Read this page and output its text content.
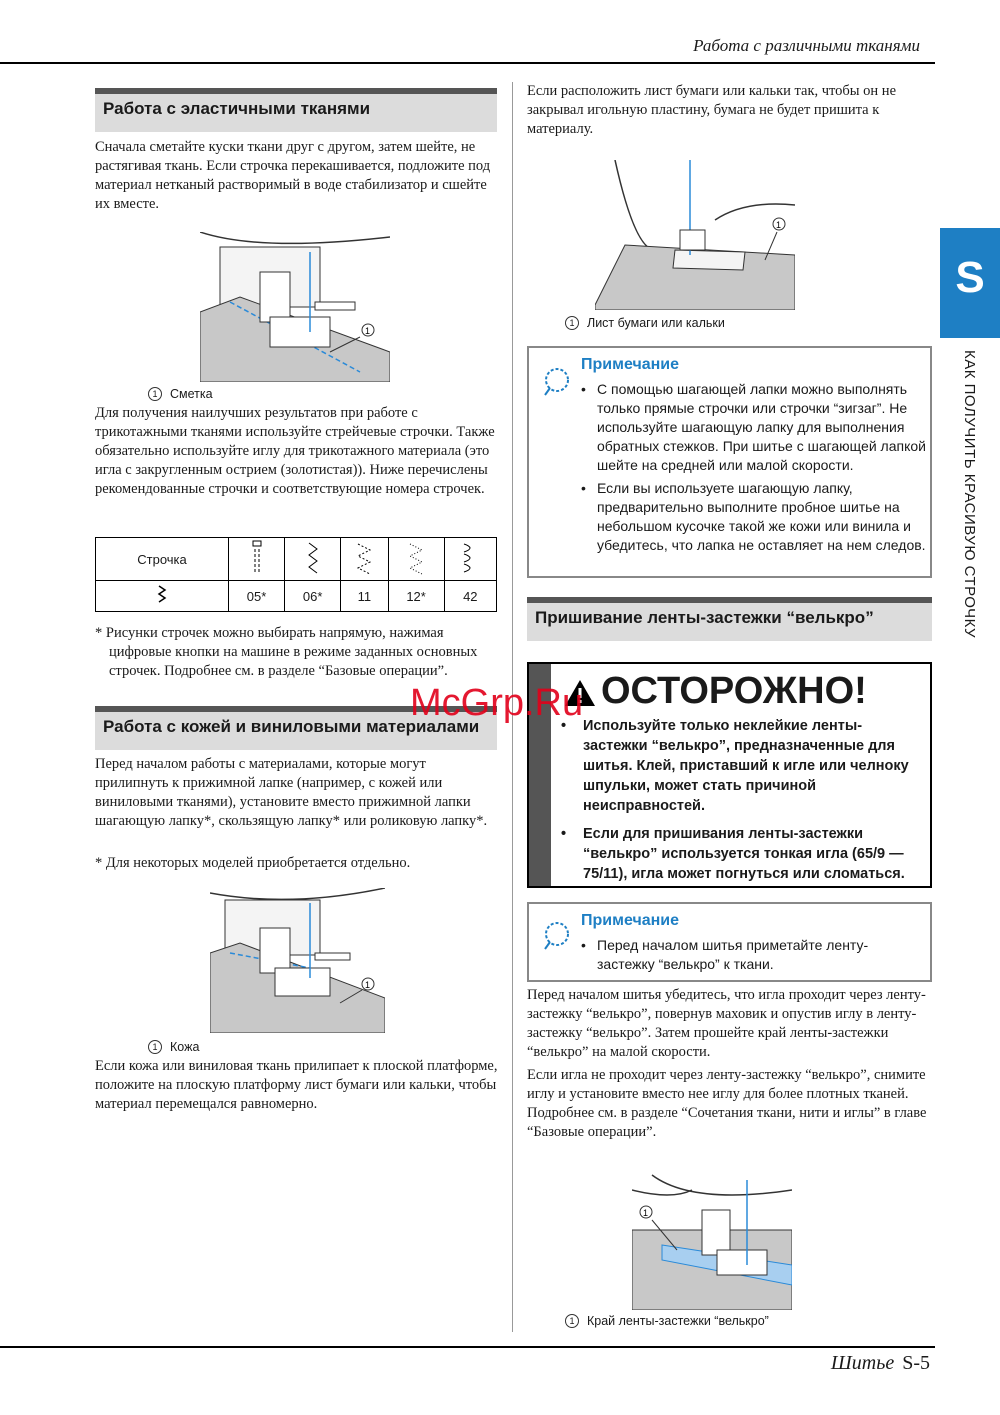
Работа с различными тканями
S
КАК ПОЛУЧИТЬ КРАСИВУЮ СТРОЧКУ
Работа с эластичными тканями
Сначала сметайте куски ткани друг с другом, затем шейте, не растягивая ткань. Если строчка перекашивается, подложите под материал нетканый растворимый в воде стабилизатор и сшейте их вместе.
1
1 Сметка
Для получения наилучших результатов при работе с трикотажными тканями используйте стрейчевые строчки. Также обязательно используйте иглу для трикотажного материала (это игла с закругленным острием (золотистая)). Ниже перечислены рекомендованные строчки и соответствующие номера строчек.
Строчка					
	05*	06*	11	12*	42
* Рисунки строчек можно выбирать напрямую, нажимая цифровые кнопки на машине в режиме заданных основных строчек. Подробнее см. в разделе “Базовые операции”.
Работа с кожей и виниловыми материалами
Перед началом работы с материалами, которые могут прилипнуть к прижимной лапке (например, с кожей или виниловыми тканями), установите вместо прижимной лапки шагающую лапку*, скользящую лапку* или роликовую лапку*.
* Для некоторых моделей приобретается отдельно.
1
1 Кожа
Если кожа или виниловая ткань прилипает к плоской платформе, положите на плоскую платформу лист бумаги или кальки, чтобы материал перемещался равномерно.
Если расположить лист бумаги или кальки так, чтобы он не закрывал игольную пластину, бумага не будет пришита к материалу.
1
1 Лист бумаги или кальки
Примечание
• С помощью шагающей лапки можно выполнять только прямые строчки или строчки “зигзаг”. Не используйте шагающую лапку для выполнения обратных стежков. При шитье с шагающей лапкой шейте на средней или малой скорости.
• Если вы используете шагающую лапку, предварительно выполните пробное шитье на небольшом кусочке такой же кожи или винила и убедитесь, что лапка не оставляет на нем следов.
Пришивание ленты-застежки “велькро”
ОСТОРОЖНО!
• Используйте только неклейкие ленты-застежки “велькро”, предназначенные для шитья. Клей, приставший к игле или челноку шпульки, может стать причиной неисправностей.
• Если для пришивания ленты-застежки “велькро” используется тонкая игла (65/9 — 75/11), игла может погнуться или сломаться.
Примечание
• Перед началом шитья приметайте ленту-застежку “велькро” к ткани.
Перед началом шитья убедитесь, что игла проходит через ленту-застежку “велькро”, повернув маховик и опустив иглу в ленту-застежку “велькро”. Затем прошейте край ленты-застежки “велькро” на малой скорости.
Если игла не проходит через ленту-застежку “велькро”, снимите иглу и установите вместо нее иглу для более плотных тканей. Подробнее см. в разделе “Сочетания ткани, нити и иглы” в главе “Базовые операции”.
1
1 Край ленты-застежки “велькро”
McGrp.Ru
Шитье S-5
